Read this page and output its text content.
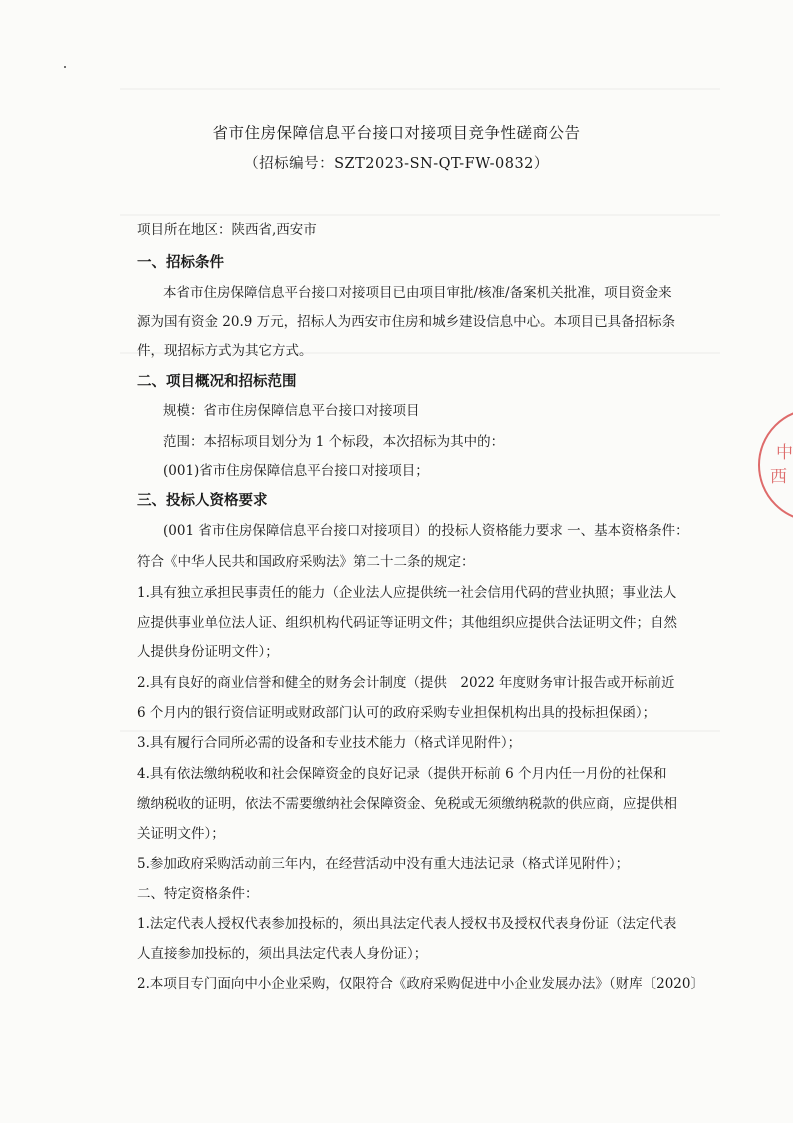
省市住房保障信息平台接口对接项目竞争性磋商公告
（招标编号：SZT2023-SN-QT-FW-0832）
项目所在地区：陕西省,西安市
一、招标条件
本省市住房保障信息平台接口对接项目已由项目审批/核准/备案机关批准，项目资金来
源为国有资金 20.9 万元，招标人为西安市住房和城乡建设信息中心。本项目已具备招标条
件，现招标方式为其它方式。
二、项目概况和招标范围
规模：省市住房保障信息平台接口对接项目
范围：本招标项目划分为 1 个标段，本次招标为其中的：
(001)省市住房保障信息平台接口对接项目；
三、投标人资格要求
(001 省市住房保障信息平台接口对接项目）的投标人资格能力要求 一、基本资格条件：
符合《中华人民共和国政府采购法》第二十二条的规定：
1.具有独立承担民事责任的能力（企业法人应提供统一社会信用代码的营业执照；事业法人
应提供事业单位法人证、组织机构代码证等证明文件；其他组织应提供合法证明文件；自然
人提供身份证明文件）；
2.具有良好的商业信誉和健全的财务会计制度（提供　2022 年度财务审计报告或开标前近
6 个月内的银行资信证明或财政部门认可的政府采购专业担保机构出具的投标担保函）；
3.具有履行合同所必需的设备和专业技术能力（格式详见附件）；
4.具有依法缴纳税收和社会保障资金的良好记录（提供开标前 6 个月内任一月份的社保和
缴纳税收的证明，依法不需要缴纳社会保障资金、免税或无须缴纳税款的供应商，应提供相
关证明文件）；
5.参加政府采购活动前三年内，在经营活动中没有重大违法记录（格式详见附件）；
二、特定资格条件：
1.法定代表人授权代表参加投标的，须出具法定代表人授权书及授权代表身份证（法定代表
人直接参加投标的，须出具法定代表人身份证）；
2.本项目专门面向中小企业采购，仅限符合《政府采购促进中小企业发展办法》（财库〔2020〕
中
西
